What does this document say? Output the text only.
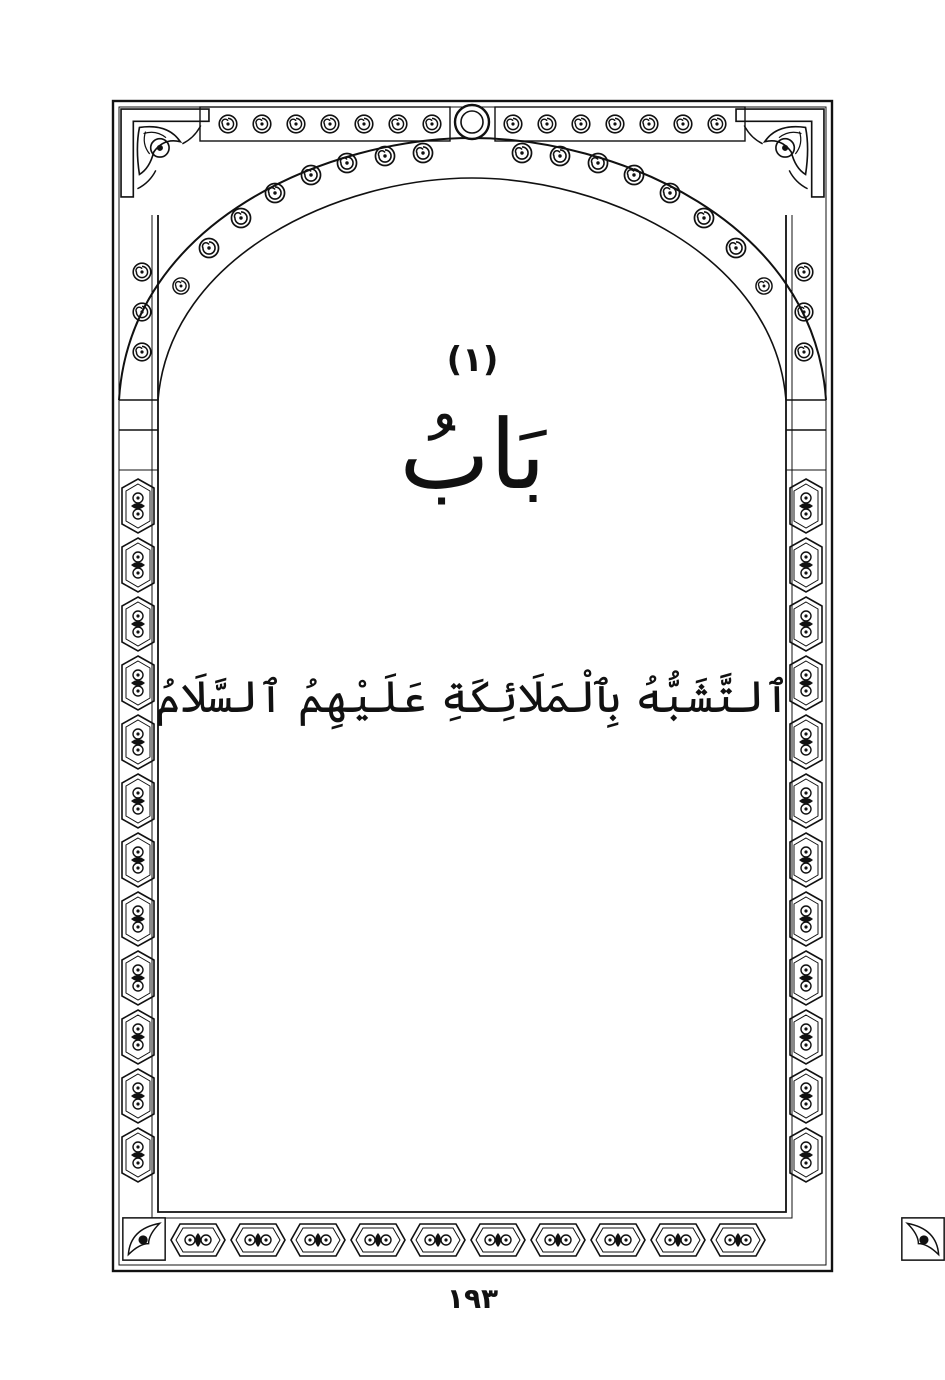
(١)
بَابُ
ٱلتَّشَبُّهُ بِٱلْمَلَائِكَةِ عَلَيْهِمُ ٱلسَّلَامُ
١٩٣
